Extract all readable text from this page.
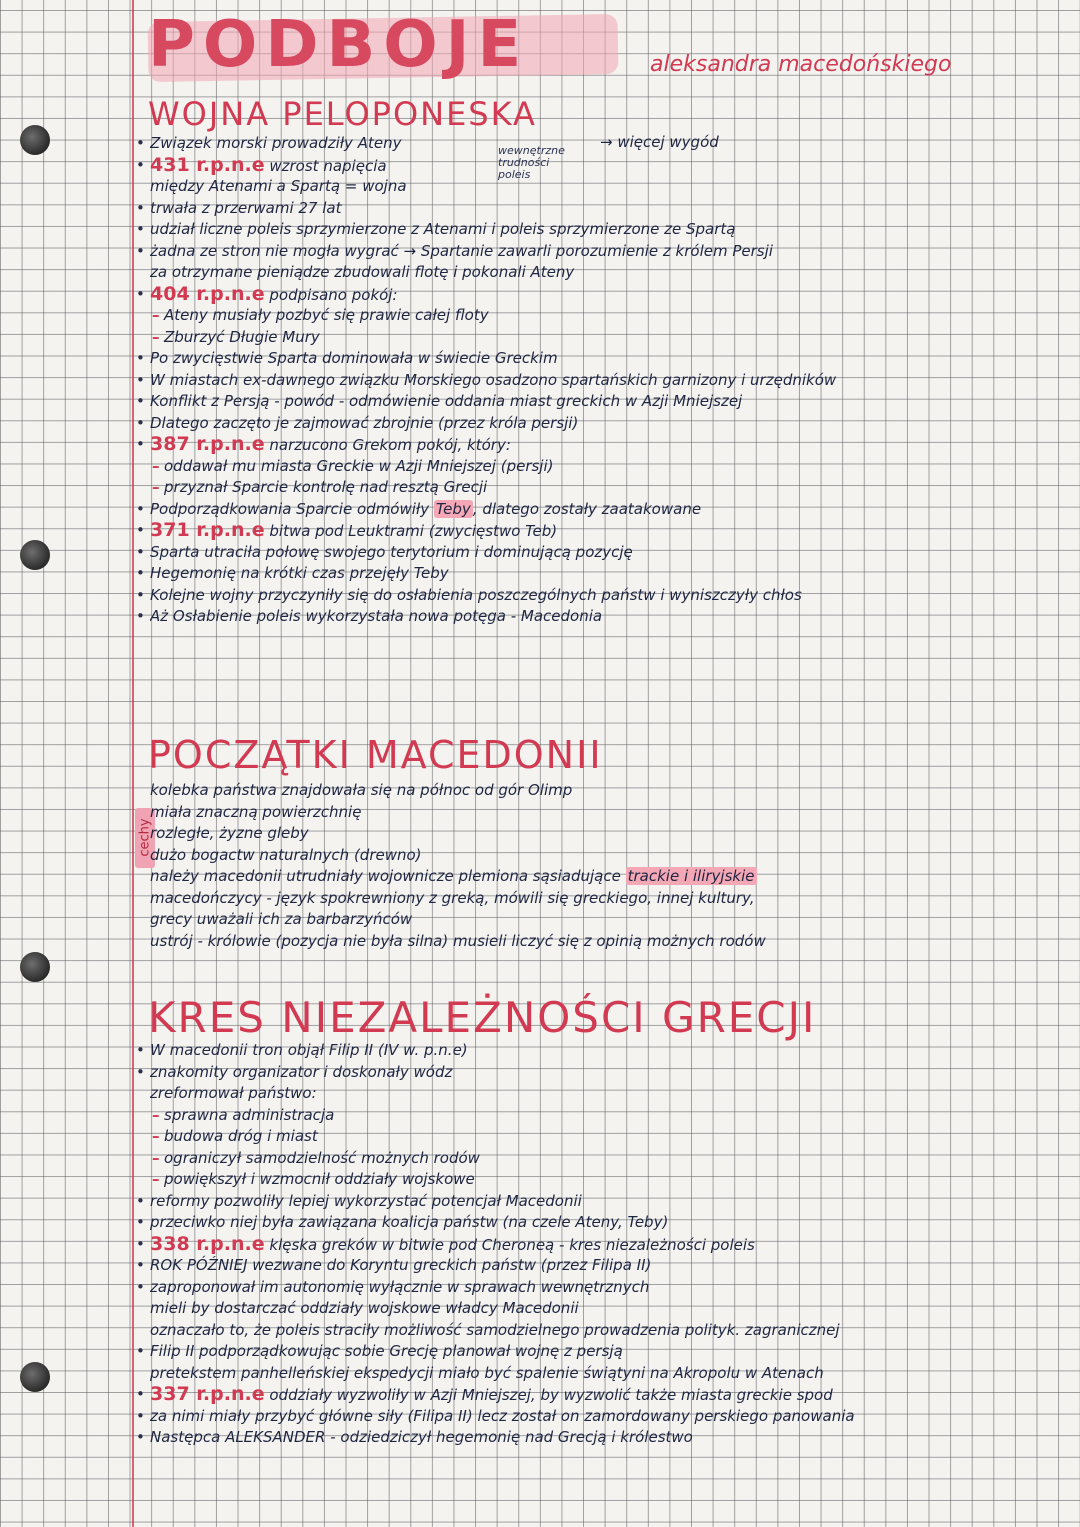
PODBOJE	aleksandra macedońskiego
WOJNA PELOPONESKA
wewnętrzne
trudności
poleis
→ więcej wygód
• Związek morski prowadziły Ateny
• 431 r.p.n.e wzrost napięcia
między Atenami a Spartą = wojna
• trwała z przerwami 27 lat
• udział liczne poleis sprzymierzone z Atenami i poleis sprzymierzone ze Spartą
• żadna ze stron nie mogła wygrać → Spartanie zawarli porozumienie z królem Persji
za otrzymane pieniądze zbudowali flotę i pokonali Ateny
• 404 r.p.n.e podpisano pokój:
– Ateny musiały pozbyć się prawie całej floty
– Zburzyć Długie Mury
• Po zwycięstwie Sparta dominowała w świecie Greckim
• W miastach ex-dawnego związku Morskiego osadzono spartańskich garnizony i urzędników
• Konflikt z Persją - powód - odmówienie oddania miast greckich w Azji Mniejszej
• Dlatego zaczęto je zajmować zbrojnie (przez króla persji)
• 387 r.p.n.e narzucono Grekom pokój, który:
– oddawał mu miasta Greckie w Azji Mniejszej (persji)
– przyznał Sparcie kontrolę nad resztą Grecji
• Podporządkowania Sparcie odmówiły Teby , dlatego zostały zaatakowane
• 371 r.p.n.e bitwa pod Leuktrami (zwycięstwo Teb)
• Sparta utraciła połowę swojego terytorium i dominującą pozycję
• Hegemonię na krótki czas przejęły Teby
• Kolejne wojny przyczyniły się do osłabienia poszczególnych państw i wyniszczyły chłos
• Aż Osłabienie poleis wykorzystała nowa potęga - Macedonia
POCZĄTKI MACEDONII
cechy
kolebka państwa znajdowała się na północ od gór Olimp
miała znaczną powierzchnię
rozległe, żyzne gleby
dużo bogactw naturalnych (drewno)
należy macedonii utrudniały wojownicze plemiona sąsiadujące trackie i iliryjskie
macedończycy - język spokrewniony z greką, mówili się greckiego, innej kultury,
grecy uważali ich za barbarzyńców
ustrój - królowie (pozycja nie była silna) musieli liczyć się z opinią możnych rodów
KRES NIEZALEŻNOŚCI GRECJI
• W macedonii tron objął Filip II (IV w. p.n.e)
• znakomity organizator i doskonały wódz
zreformował państwo:
– sprawna administracja
– budowa dróg i miast
– ograniczył samodzielność możnych rodów
– powiększył i wzmocnił oddziały wojskowe
• reformy pozwoliły lepiej wykorzystać potencjał Macedonii
• przeciwko niej była zawiązana koalicja państw (na czele Ateny, Teby)
• 338 r.p.n.e klęska greków w bitwie pod Cheroneą - kres niezależności poleis
• ROK PÓŹNIEJ wezwane do Koryntu greckich państw (przez Filipa II)
• zaproponował im autonomię wyłącznie w sprawach wewnętrznych
mieli by dostarczać oddziały wojskowe władcy Macedonii
oznaczało to, że poleis straciły możliwość samodzielnego prowadzenia polityk. zagranicznej
• Filip II podporządkowując sobie Grecję planował wojnę z persją
pretekstem panhelleńskiej ekspedycji miało być spalenie świątyni na Akropolu w Atenach
• 337 r.p.n.e oddziały wyzwoliły w Azji Mniejszej, by wyzwolić także miasta greckie spod
• za nimi miały przybyć główne siły (Filipa II) lecz został on zamordowany perskiego panowania
• Następca ALEKSANDER - odziedziczył hegemonię nad Grecją i królestwo
